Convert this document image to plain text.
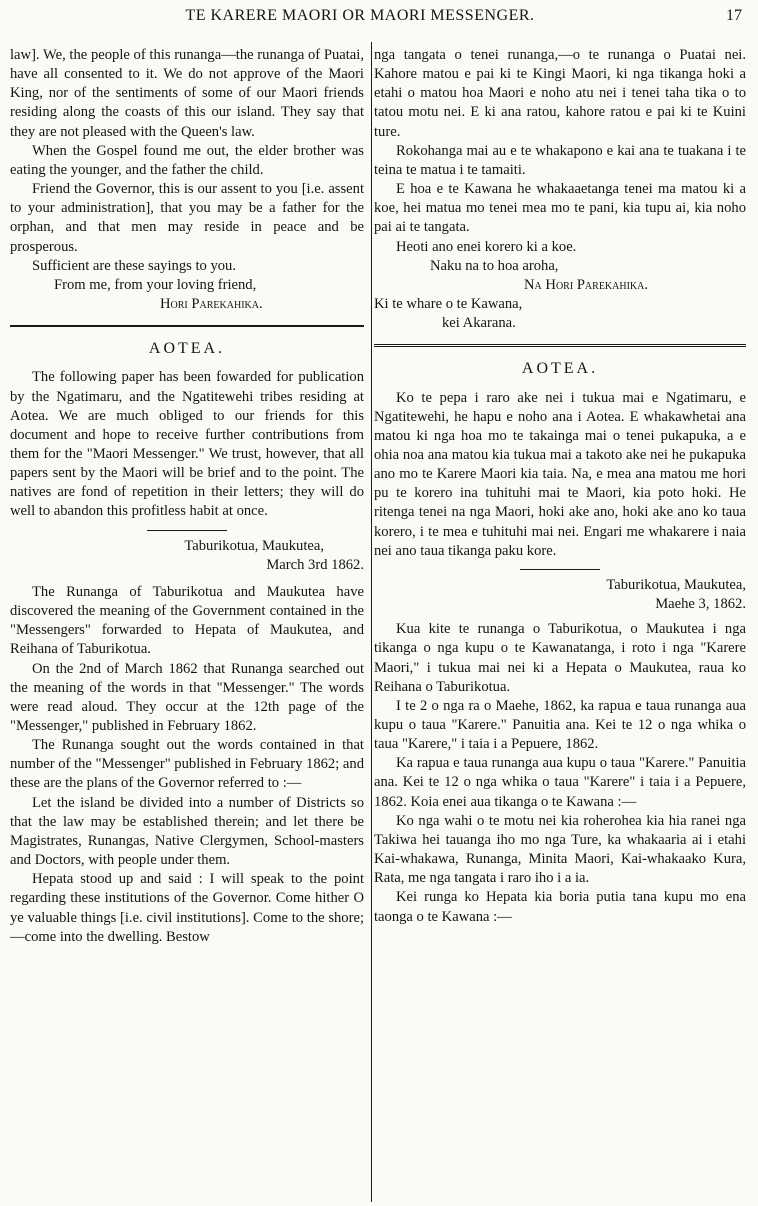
TE KARERE MAORI OR MAORI MESSENGER.	17

law]. We, the people of this runanga—the runanga of Puatai, have all consented to it. We do not approve of the Maori King, nor of the sentiments of some of our Maori friends residing along the coasts of this our island. They say that they are not pleased with the Queen's law.

When the Gospel found me out, the elder brother was eating the younger, and the father the child.

Friend the Governor, this is our assent to you [i.e. assent to your administration], that you may be a father for the orphan, and that men may reside in peace and be prosperous.

Sufficient are these sayings to you.

From me, from your loving friend,

Hori Parekahika.

AOTEA.

The following paper has been fowarded for publication by the Ngatimaru, and the Ngatitewehi tribes residing at Aotea. We are much obliged to our friends for this document and hope to receive further contributions from them for the "Maori Messenger." We trust, however, that all papers sent by the Maori will be brief and to the point. The natives are fond of repetition in their letters; they will do well to abandon this profitless habit at once.

Taburikotua, Maukutea,

March 3rd 1862.

The Runanga of Taburikotua and Maukutea have discovered the meaning of the Government contained in the "Messengers" forwarded to Hepata of Maukutea, and Reihana of Taburikotua.

On the 2nd of March 1862 that Runanga searched out the meaning of the words in that "Messenger." The words were read aloud. They occur at the 12th page of the "Messenger," published in February 1862.

The Runanga sought out the words contained in that number of the "Messenger" published in February 1862; and these are the plans of the Governor referred to :—

Let the island be divided into a number of Districts so that the law may be established therein; and let there be Magistrates, Runangas, Native Clergymen, School-masters and Doctors, with people under them.

Hepata stood up and said : I will speak to the point regarding these institutions of the Governor. Come hither O ye valuable things [i.e. civil institutions]. Come to the shore;—come into the dwelling. Bestow

nga tangata o tenei runanga,—o te runanga o Puatai nei. Kahore matou e pai ki te Kingi Maori, ki nga tikanga hoki a etahi o matou hoa Maori e noho atu nei i tenei taha tika o to tatou motu nei. E ki ana ratou, kahore ratou e pai ki te Kuini ture.

Rokohanga mai au e te whakapono e kai ana te tuakana i te teina te matua i te tamaiti.

E hoa e te Kawana he whakaaetanga tenei ma matou ki a koe, hei matua mo tenei mea mo te pani, kia tupu ai, kia noho pai ai te tangata.

Heoti ano enei korero ki a koe.

Naku na to hoa aroha,

Na Hori Parekahika.

Ki te whare o te Kawana,

kei Akarana.

AOTEA.

Ko te pepa i raro ake nei i tukua mai e Ngatimaru, e Ngatitewehi, he hapu e noho ana i Aotea. E whakawhetai ana matou ki nga hoa mo te takainga mai o tenei pukapuka, a e ohia noa ana matou kia tukua mai a takoto ake nei he pukapuka ano mo te Karere Maori kia taia. Na, e mea ana matou me hori pu te korero ina tuhituhi mai te Maori, kia poto hoki. He ritenga tenei na nga Maori, hoki ake ano, hoki ake ano ko taua korero, i te mea e tuhituhi mai nei. Engari me whakarere i naia nei ano taua tikanga paku kore.

Taburikotua, Maukutea,

Maehe 3, 1862.

Kua kite te runanga o Taburikotua, o Maukutea i nga tikanga o nga kupu o te Kawanatanga, i roto i nga "Karere Maori," i tukua mai nei ki a Hepata o Maukutea, raua ko Reihana o Taburikotua.

I te 2 o nga ra o Maehe, 1862, ka rapua e taua runanga aua kupu o taua "Karere." Panuitia ana. Kei te 12 o nga whika o taua "Karere," i taia i a Pepuere, 1862.

Ka rapua e taua runanga aua kupu o taua "Karere." Panuitia ana. Kei te 12 o nga whika o taua "Karere" i taia i a Pepuere, 1862. Koia enei aua tikanga o te Kawana :—

Ko nga wahi o te motu nei kia roherohea kia hia ranei nga Takiwa hei tauanga iho mo nga Ture, ka whakaaria ai i etahi Kai-whakawa, Runanga, Minita Maori, Kai-whakaako Kura, Rata, me nga tangata i raro iho i a ia.

Kei runga ko Hepata kia boria putia tana kupu mo ena taonga o te Kawana :—
